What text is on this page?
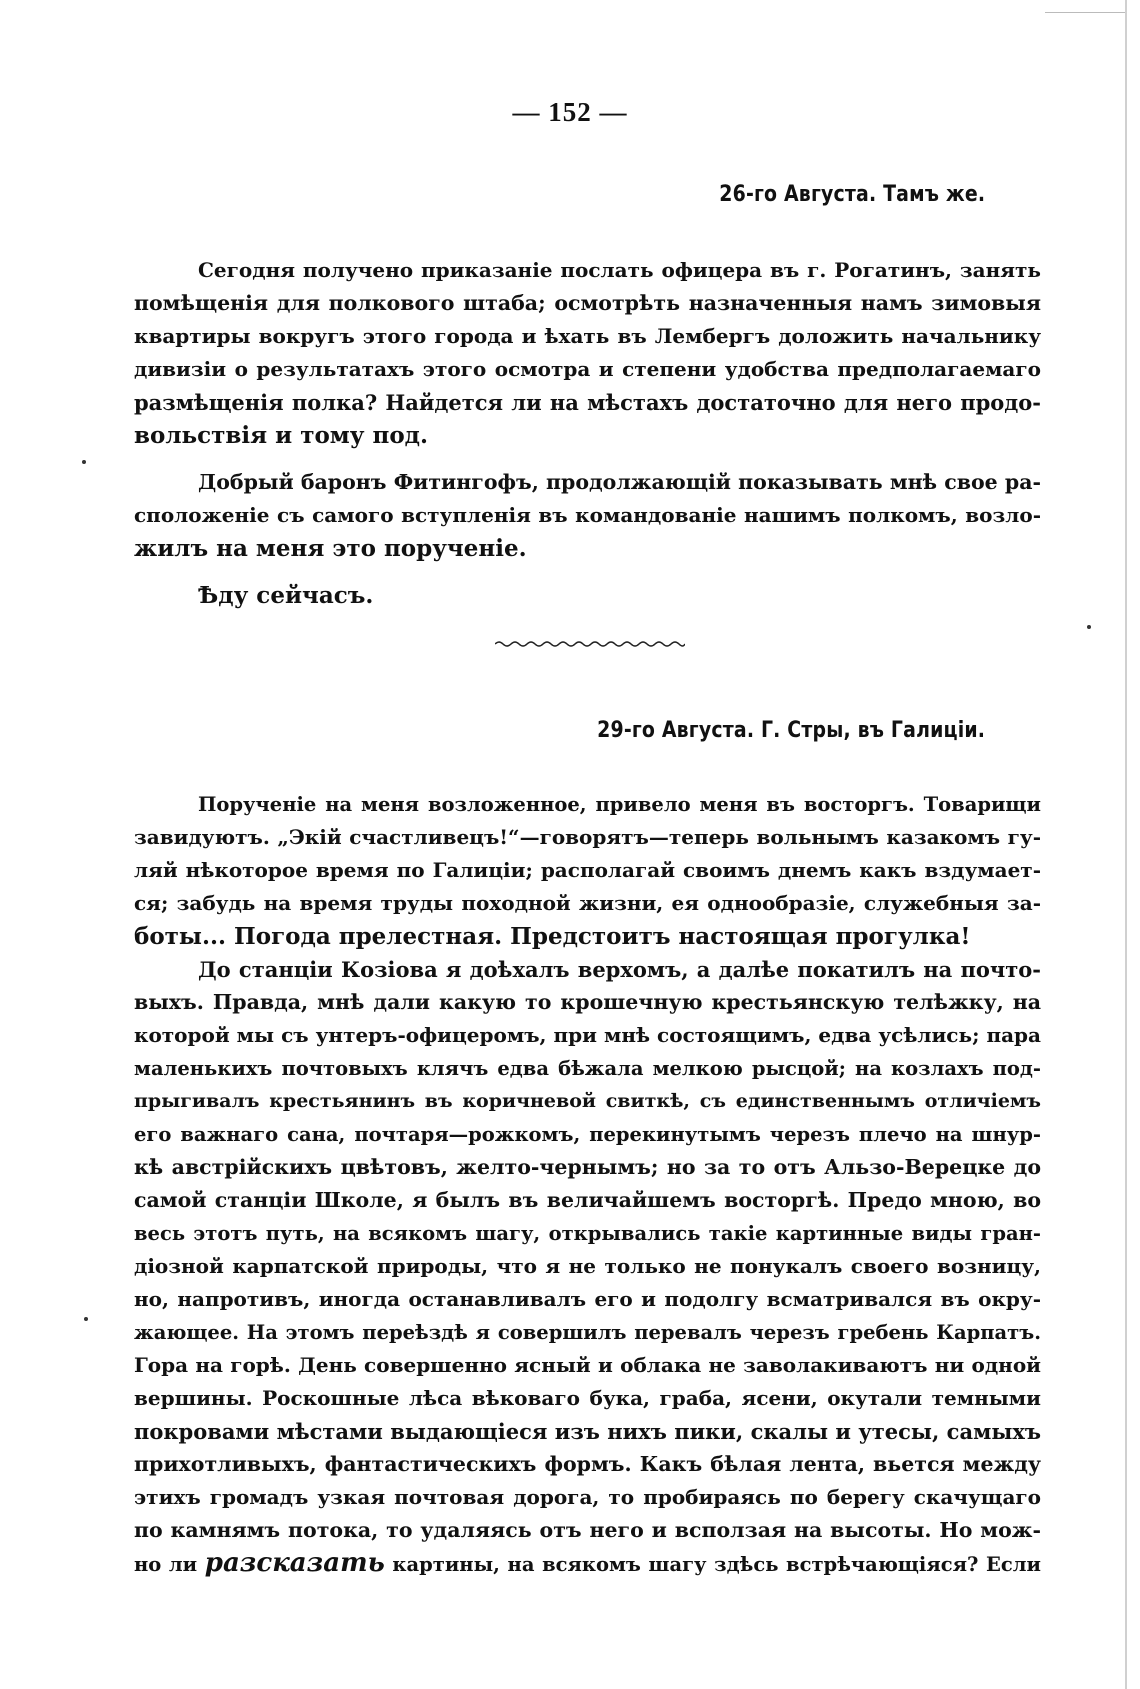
— 152 —
26-го Августа. Тамъ же.
Сегодня получено приказаніе послать офицера въ г. Рогатинъ, занять
помѣщенія для полкового штаба; осмотрѣть назначенныя намъ зимовыя
квартиры вокругъ этого города и ѣхать въ Лембергъ доложить начальнику
дивизіи о результатахъ этого осмотра и степени удобства предполагаемаго
размѣщенія полка? Найдется ли на мѣстахъ достаточно для него продо-
вольствія и тому под.
Добрый баронъ Фитингофъ, продолжающій показывать мнѣ свое ра-
сположеніе съ самого вступленія въ командованіе нашимъ полкомъ, возло-
жилъ на меня это порученіе.
Ѣду сейчасъ.
29-го Августа. Г. Стры, въ Галиціи.
Порученіе на меня возложенное, привело меня въ восторгъ. Товарищи
завидуютъ. „Экій счастливецъ!“—говорятъ—теперь вольнымъ казакомъ гу-
ляй нѣкоторое время по Галиціи; располагай своимъ днемъ какъ вздумает-
ся; забудь на время труды походной жизни, ея однообразіе, служебныя за-
боты... Погода прелестная. Предстоитъ настоящая прогулка!
До станціи Козіова я доѣхалъ верхомъ, а далѣе покатилъ на почто-
выхъ. Правда, мнѣ дали какую то крошечную крестьянскую телѣжку, на
которой мы съ унтеръ-офицеромъ, при мнѣ состоящимъ, едва усѣлись; пара
маленькихъ почтовыхъ клячъ едва бѣжала мелкою рысцой; на козлахъ под-
прыгивалъ крестьянинъ въ коричневой свиткѣ, съ единственнымъ отличіемъ
его важнаго сана, почтаря—рожкомъ, перекинутымъ черезъ плечо на шнур-
кѣ австрійскихъ цвѣтовъ, желто-чернымъ; но за то отъ Альзо-Верецке до
самой станціи Школе, я былъ въ величайшемъ восторгѣ. Предо мною, во
весь этотъ путь, на всякомъ шагу, открывались такіе картинные виды гран-
діозной карпатской природы, что я не только не понукалъ своего возницу,
но, напротивъ, иногда останавливалъ его и подолгу всматривался въ окру-
жающее. На этомъ переѣздѣ я совершилъ перевалъ черезъ гребень Карпатъ.
Гора на горѣ. День совершенно ясный и облака не заволакиваютъ ни одной
вершины. Роскошные лѣса вѣковаго бука, граба, ясени, окутали темными
покровами мѣстами выдающіеся изъ нихъ пики, скалы и утесы, самыхъ
прихотливыхъ, фантастическихъ формъ. Какъ бѣлая лента, вьется между
этихъ громадъ узкая почтовая дорога, то пробираясь по берегу скачущаго
по камнямъ потока, то удаляясь отъ него и всползая на высоты. Но мож-
но ли разсказать картины, на всякомъ шагу здѣсь встрѣчающіяся? Если
